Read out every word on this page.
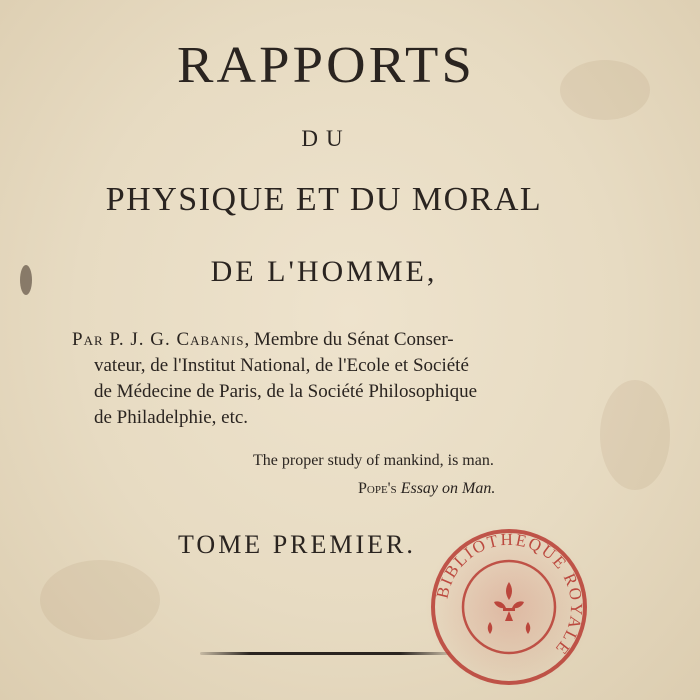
RAPPORTS
DU
PHYSIQUE ET DU MORAL
DE L'HOMME,

Par P. J. G. Cabanis, Membre du Sénat Conser-

vateur, de l'Institut National, de l'Ecole et Société

de Médecine de Paris, de la Société Philosophique

de Philadelphie, etc.

The proper study of mankind, is man.

Pope's Essay on Man.

TOME PREMIER.

BIBLIOTHEQUE ROYALE
